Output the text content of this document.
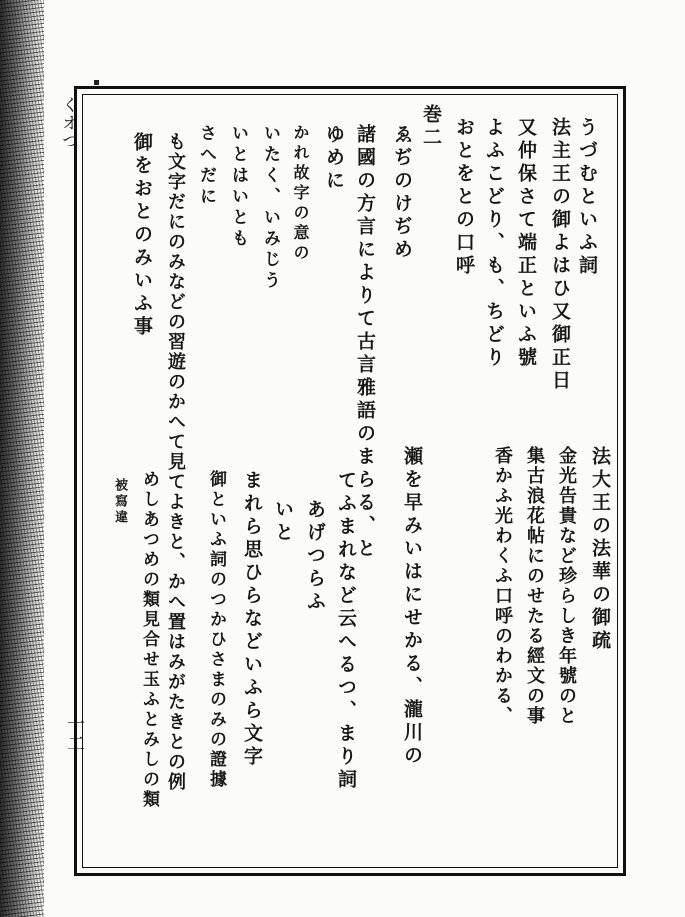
くオつ
一二
うづむといふ詞
法主王の御よはひ又御正日
又仲保さて端正といふ號
よふこどり、も、ちどり
おとをとの口呼
巻二
ゑぢのけぢめ
諸國の方言によりて古言雅語のまらる、と
ゆめに
かれ故字の意の
いたく、いみじう
いとはいとも
さへだに
も文字だにのみなどの習遊のかへて見てよきと、かへ置はみがたきとの例
御をおとのみいふ事
法大王の法華の御疏
金光告貴など珍らしき年號のと
集古浪花帖にのせたる經文の事
香かふ光わくふ口呼のわかる、
瀬を早みいはにせかる、瀧川の
てふまれなど云へるつ、まり詞
あげつらふ
いと
まれら思ひらなどいふら文字
御といふ詞のつかひさまのみの證據
めしあつめの類見合せ玉ふとみしの類
被寫違
